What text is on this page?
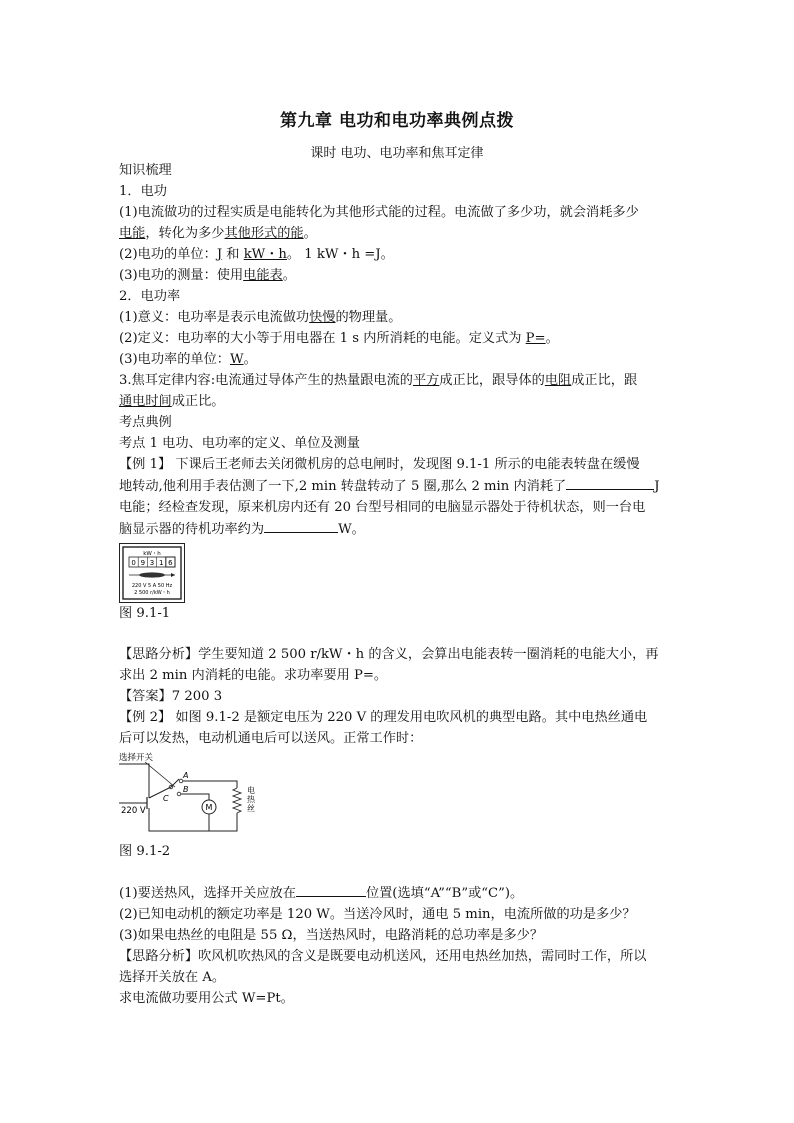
第九章 电功和电功率典例点拨
课时 电功、电功率和焦耳定律

知识梳理

1．电功

(1)电流做功的过程实质是电能转化为其他形式能的过程。电流做了多少功，就会消耗多少

电能，转化为多少其他形式的能。

(2)电功的单位：J 和 kW・h。 1 kW・h =J。

(3)电功的测量：使用电能表。

2．电功率

(1)意义：电功率是表示电流做功快慢的物理量。

(2)定义：电功率的大小等于用电器在 1 s 内所消耗的电能。定义式为 P=。

(3)电功率的单位：W。

3.焦耳定律内容:电流通过导体产生的热量跟电流的平方成正比，跟导体的电阻成正比，跟

通电时间成正比。

考点典例

考点 1 电功、电功率的定义、单位及测量

【例 1】 下课后王老师去关闭微机房的总电闸时，发现图 9.1-1 所示的电能表转盘在缓慢

地转动,他利用手表估测了一下,2 min 转盘转动了 5 圈,那么 2 min 内消耗了	J

电能；经检查发现，原来机房内还有 20 台型号相同的电脑显示器处于待机状态，则一台电

脑显示器的待机功率约为	W。

kW・h
0 9 3 1 6
220 V 5 A 50 Hz
2 500 r/kW・h

图 9.1-1

【思路分析】学生要知道 2 500 r/kW・h 的含义，会算出电能表转一圈消耗的电能大小，再

求出 2 min 内消耗的电能。求功率要用 P=。

【答案】7 200 3

【例 2】 如图 9.1-2 是额定电压为 220 V 的理发用电吹风机的典型电路。其中电热丝通电

后可以发热，电动机通电后可以送风。正常工作时：

选择开关
220 V
A
B
C
M
电
热
丝

图 9.1-2

(1)要送热风，选择开关应放在	位置(选填“A”“B”或“C”)。

(2)已知电动机的额定功率是 120 W。当送冷风时，通电 5 min，电流所做的功是多少？

(3)如果电热丝的电阻是 55 Ω，当送热风时，电路消耗的总功率是多少？

【思路分析】吹风机吹热风的含义是既要电动机送风，还用电热丝加热，需同时工作，所以

选择开关放在 A。

求电流做功要用公式 W=Pt。
